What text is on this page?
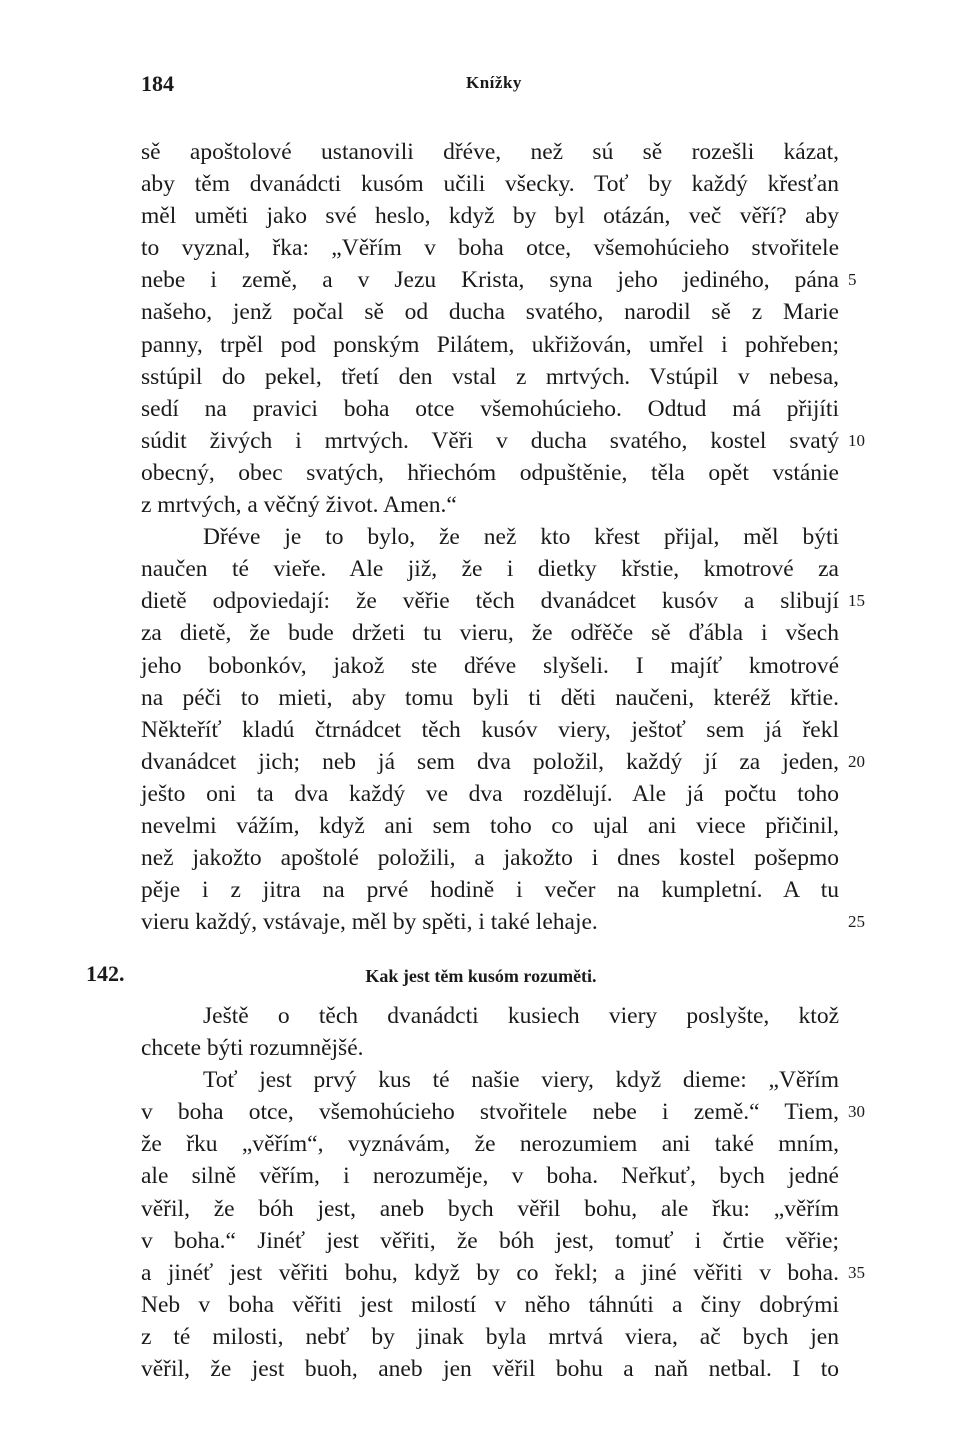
184	Knížky
sě apoštolové ustanovili dřéve, než sú sě rozešli kázat,
aby těm dvanádcti kusóm učili všecky. Toť by každý křesťan
měl uměti jako své heslo, když by byl otázán, več věří? aby
to vyznal, řka: „Věřím v boha otce, všemohúcieho stvořitele
nebe i země, a v Jezu Krista, syna jeho jediného, pána 5
našeho, jenž počal sě od ducha svatého, narodil sě z Marie
panny, trpěl pod ponským Pilátem, ukřižován, umřel i pohřeben;
sstúpil do pekel, třetí den vstal z mrtvých. Vstúpil v nebesa,
sedí na pravici boha otce všemohúcieho. Odtud má přijíti
súdit živých i mrtvých. Věři v ducha svatého, kostel svatý 10
obecný, obec svatých, hřiechóm odpuštěnie, těla opět vstánie
z mrtvých, a věčný život. Amen.“
Dřéve je to bylo, že než kto křest přijal, měl býti
naučen té vieře. Ale již, že i dietky křstie, kmotrové za
dietě odpoviedají: že věřie těch dvanádcet kusóv a slibují 15
za dietě, že bude držeti tu vieru, že odřěče sě ďábla i všech
jeho bobonkóv, jakož ste dřéve slyšeli. I majíť kmotrové
na péči to mieti, aby tomu byli ti děti naučeni, kteréž křtie.
Někteříť kladú čtrnádcet těch kusóv viery, ještoť sem já řekl
dvanádcet jich; neb já sem dva položil, každý jí za jeden, 20
ješto oni ta dva každý ve dva rozdělují. Ale já počtu toho
nevelmi vážím, když ani sem toho co ujal ani viece přičinil,
než jakožto apoštolé položili, a jakožto i dnes kostel pošepmo
pěje i z jitra na prvé hodině i večer na kumpletní. A tu
vieru každý, vstávaje, měl by spěti, i také lehaje.	25
142.	Kak jest těm kusóm rozuměti.
Ještě o těch dvanádcti kusiech viery poslyšte, ktož
chcete býti rozumnějšé.
Toť jest prvý kus té našie viery, když dieme: „Věřím
v boha otce, všemohúcieho stvořitele nebe i země.“ Tiem, 30
že řku „věřím“, vyznávám, že nerozumiem ani také mním,
ale silně věřím, i nerozuměje, v boha. Neřkuť, bych jedné
věřil, že bóh jest, aneb bych věřil bohu, ale řku: „věřím
v boha.“ Jinéť jest věřiti, že bóh jest, tomuť i črtie věřie;
a jinéť jest věřiti bohu, když by co řekl; a jiné věřiti v boha. 35
Neb v boha věřiti jest milostí v něho táhnúti a činy dobrými
z té milosti, nebť by jinak byla mrtvá viera, ač bych jen
věřil, že jest buoh, aneb jen věřil bohu a naň netbal. I to
